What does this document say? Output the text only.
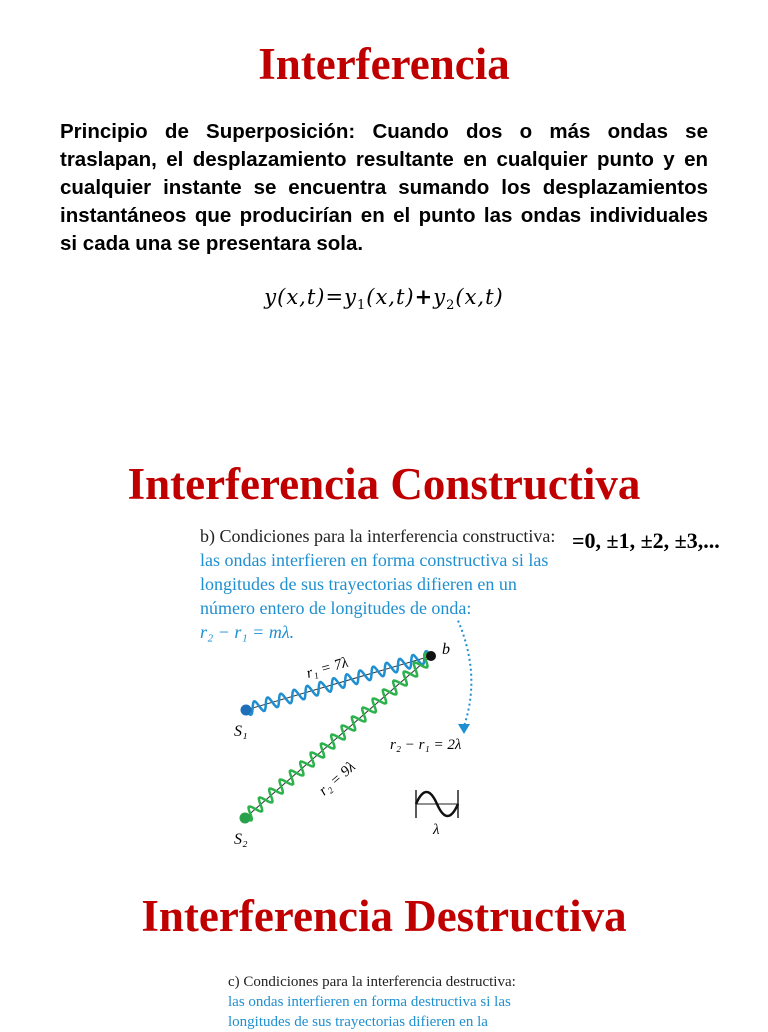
Interferencia

Principio de Superposición: Cuando dos o más ondas se traslapan, el desplazamiento resultante en cualquier punto y en cualquier instante se encuentra sumando los desplazamientos instantáneos que producirían en el punto las ondas individuales si cada una se presentara sola.

$y(x,t)=y_1(x,t)+y_2(x,t)$
Interferencia Constructiva
b) Condiciones para la interferencia constructiva:
las ondas interfieren en forma constructiva si las
longitudes de sus trayectorias difieren en un
número entero de longitudes de onda:
r₂ − r₁ = mλ.
=0, ±1, ±2, ±3,...
b
S₁
S₂
r₁ = 7λ
r₂ = 9λ
r₂ − r₁ = 2λ
λ
Interferencia Destructiva
c) Condiciones para la interferencia destructiva:
las ondas interfieren en forma destructiva si las
longitudes de sus trayectorias difieren en la
